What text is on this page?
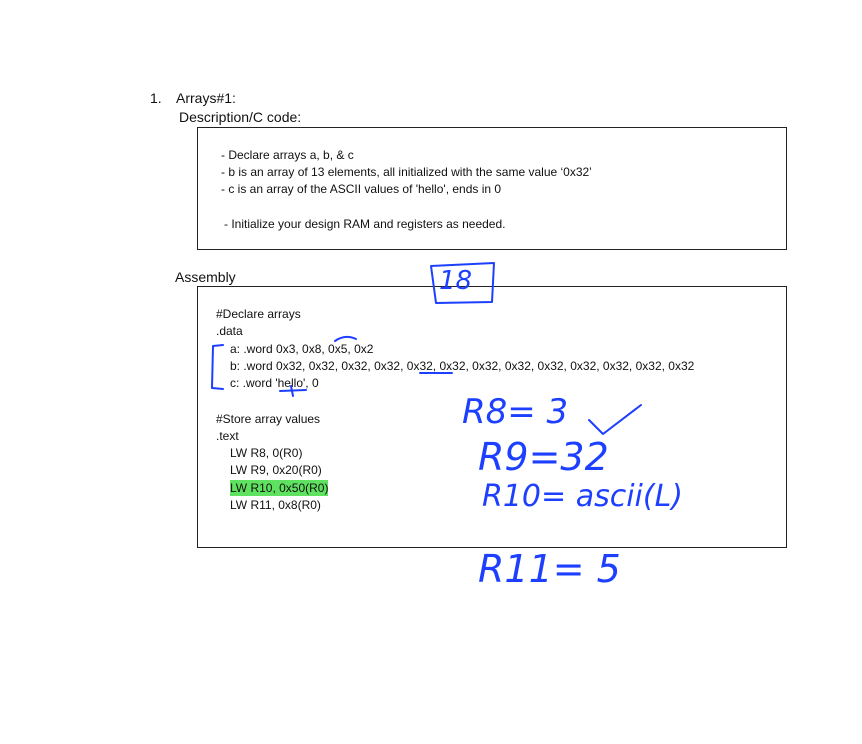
1. Arrays#1:
Description/C code:
- Declare arrays a, b, & c
- b is an array of 13 elements, all initialized with the same value ‘0x32’
- c is an array of the ASCII values of 'hello', ends in 0
- Initialize your design RAM and registers as needed.
Assembly
#Declare arrays
.data
a: .word 0x3, 0x8, 0x5, 0x2
b: .word 0x32, 0x32, 0x32, 0x32, 0x32, 0x32, 0x32, 0x32, 0x32, 0x32, 0x32, 0x32, 0x32
c: .word 'hello', 0
#Store array values
.text
LW R8, 0(R0)
LW R9, 0x20(R0)
LW R10, 0x50(R0)
LW R11, 0x8(R0)
18
R8= 3
R9=32
R10= ascii(L)
R11= 5
